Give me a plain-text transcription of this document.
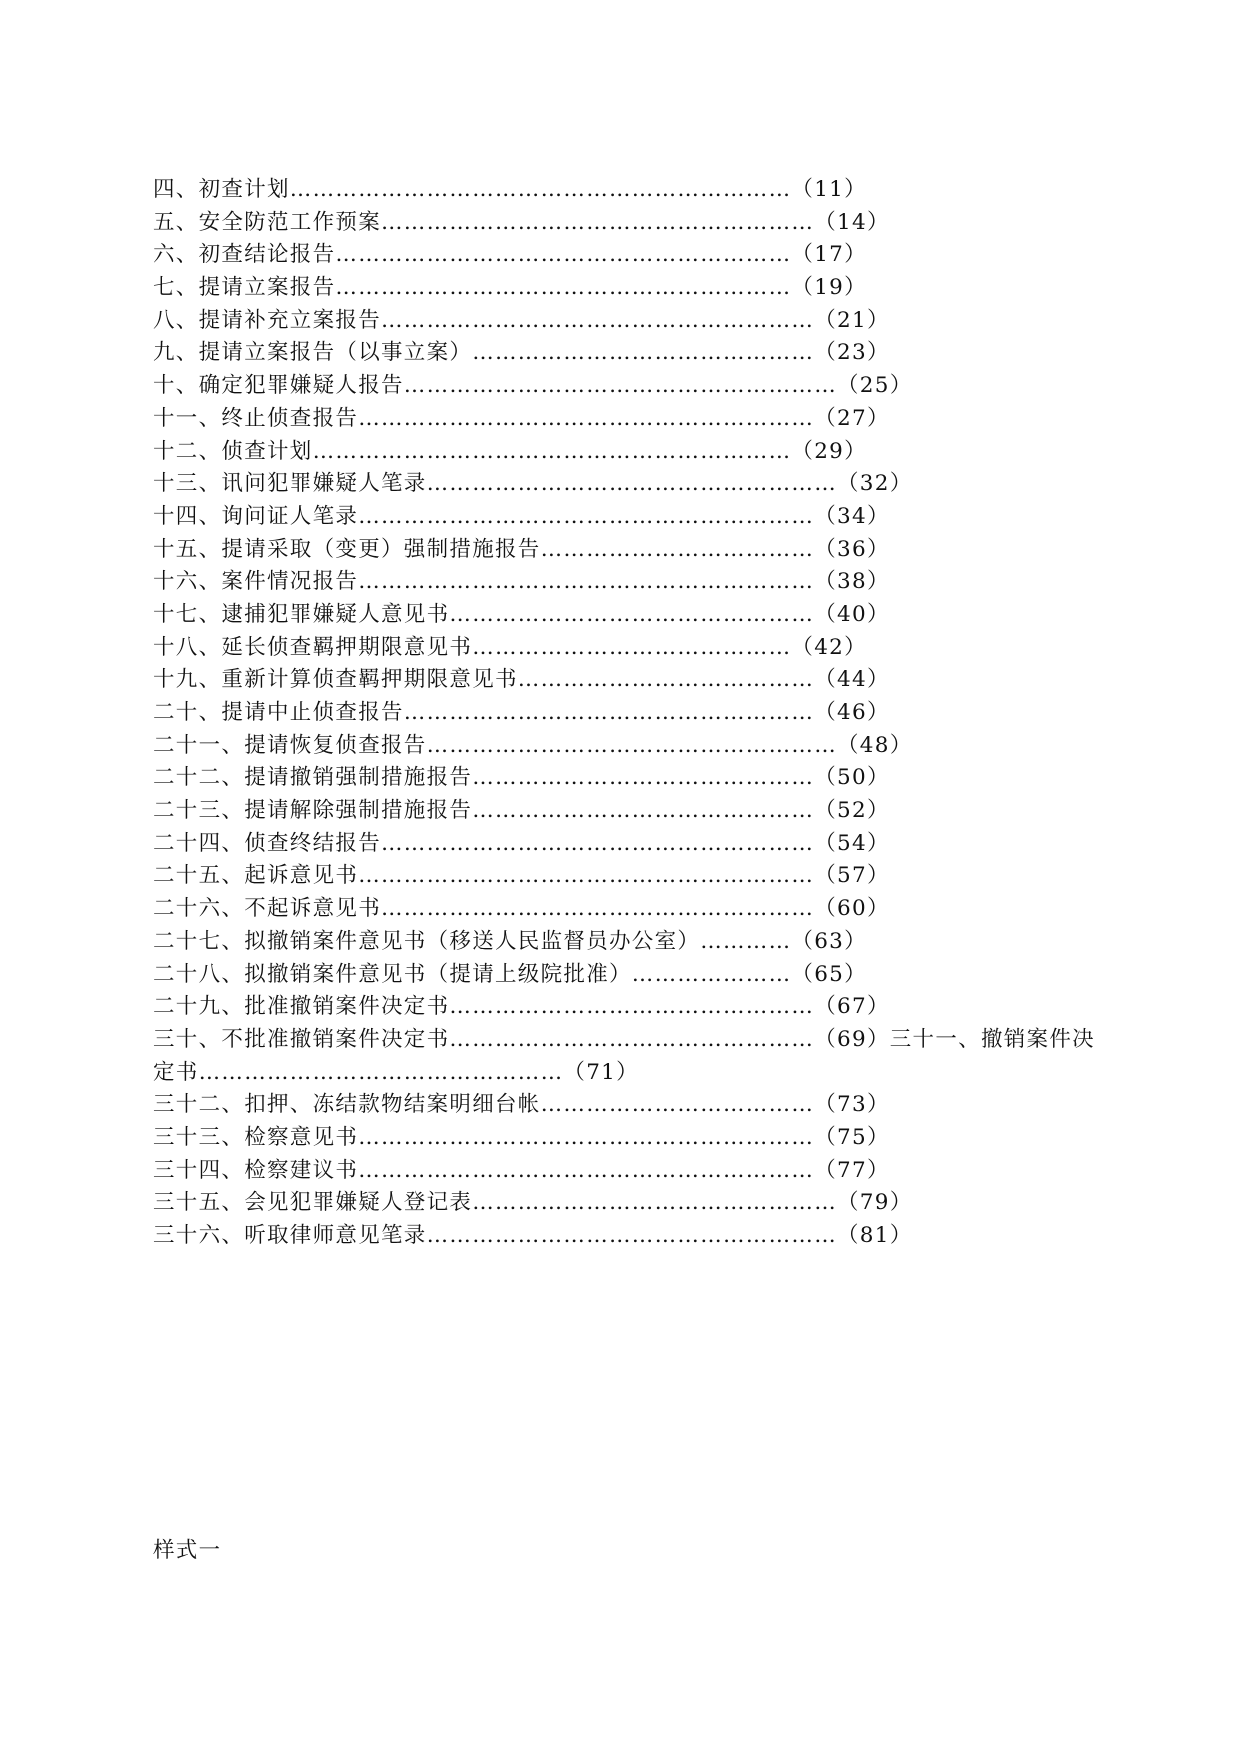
四、初查计划…………………………………………………………（11）
五、安全防范工作预案…………………………………………………（14）
六、初查结论报告……………………………………………………（17）
七、提请立案报告……………………………………………………（19）
八、提请补充立案报告…………………………………………………（21）
九、提请立案报告（以事立案）………………………………………（23）
十、确定犯罪嫌疑人报告…………………………………………………（25）
十一、终止侦查报告……………………………………………………（27）
十二、侦查计划………………………………………………………（29）
十三、讯问犯罪嫌疑人笔录………………………………………………（32）
十四、询问证人笔录……………………………………………………（34）
十五、提请采取（变更）强制措施报告………………………………（36）
十六、案件情况报告……………………………………………………（38）
十七、逮捕犯罪嫌疑人意见书…………………………………………（40）
十八、延长侦查羁押期限意见书……………………………………（42）
十九、重新计算侦查羁押期限意见书…………………………………（44）
二十、提请中止侦查报告………………………………………………（46）
二十一、提请恢复侦查报告………………………………………………（48）
二十二、提请撤销强制措施报告………………………………………（50）
二十三、提请解除强制措施报告………………………………………（52）
二十四、侦查终结报告…………………………………………………（54）
二十五、起诉意见书……………………………………………………（57）
二十六、不起诉意见书…………………………………………………（60）
二十七、拟撤销案件意见书（移送人民监督员办公室）…………（63）
二十八、拟撤销案件意见书（提请上级院批准）…………………（65）
二十九、批准撤销案件决定书…………………………………………（67）
三十、不批准撤销案件决定书…………………………………………（69）三十一、撤销案件决定书…………………………………………（71）
三十二、扣押、冻结款物结案明细台帐………………………………（73）
三十三、检察意见书……………………………………………………（75）
三十四、检察建议书……………………………………………………（77）
三十五、会见犯罪嫌疑人登记表…………………………………………（79）
三十六、听取律师意见笔录………………………………………………（81）
样式一
